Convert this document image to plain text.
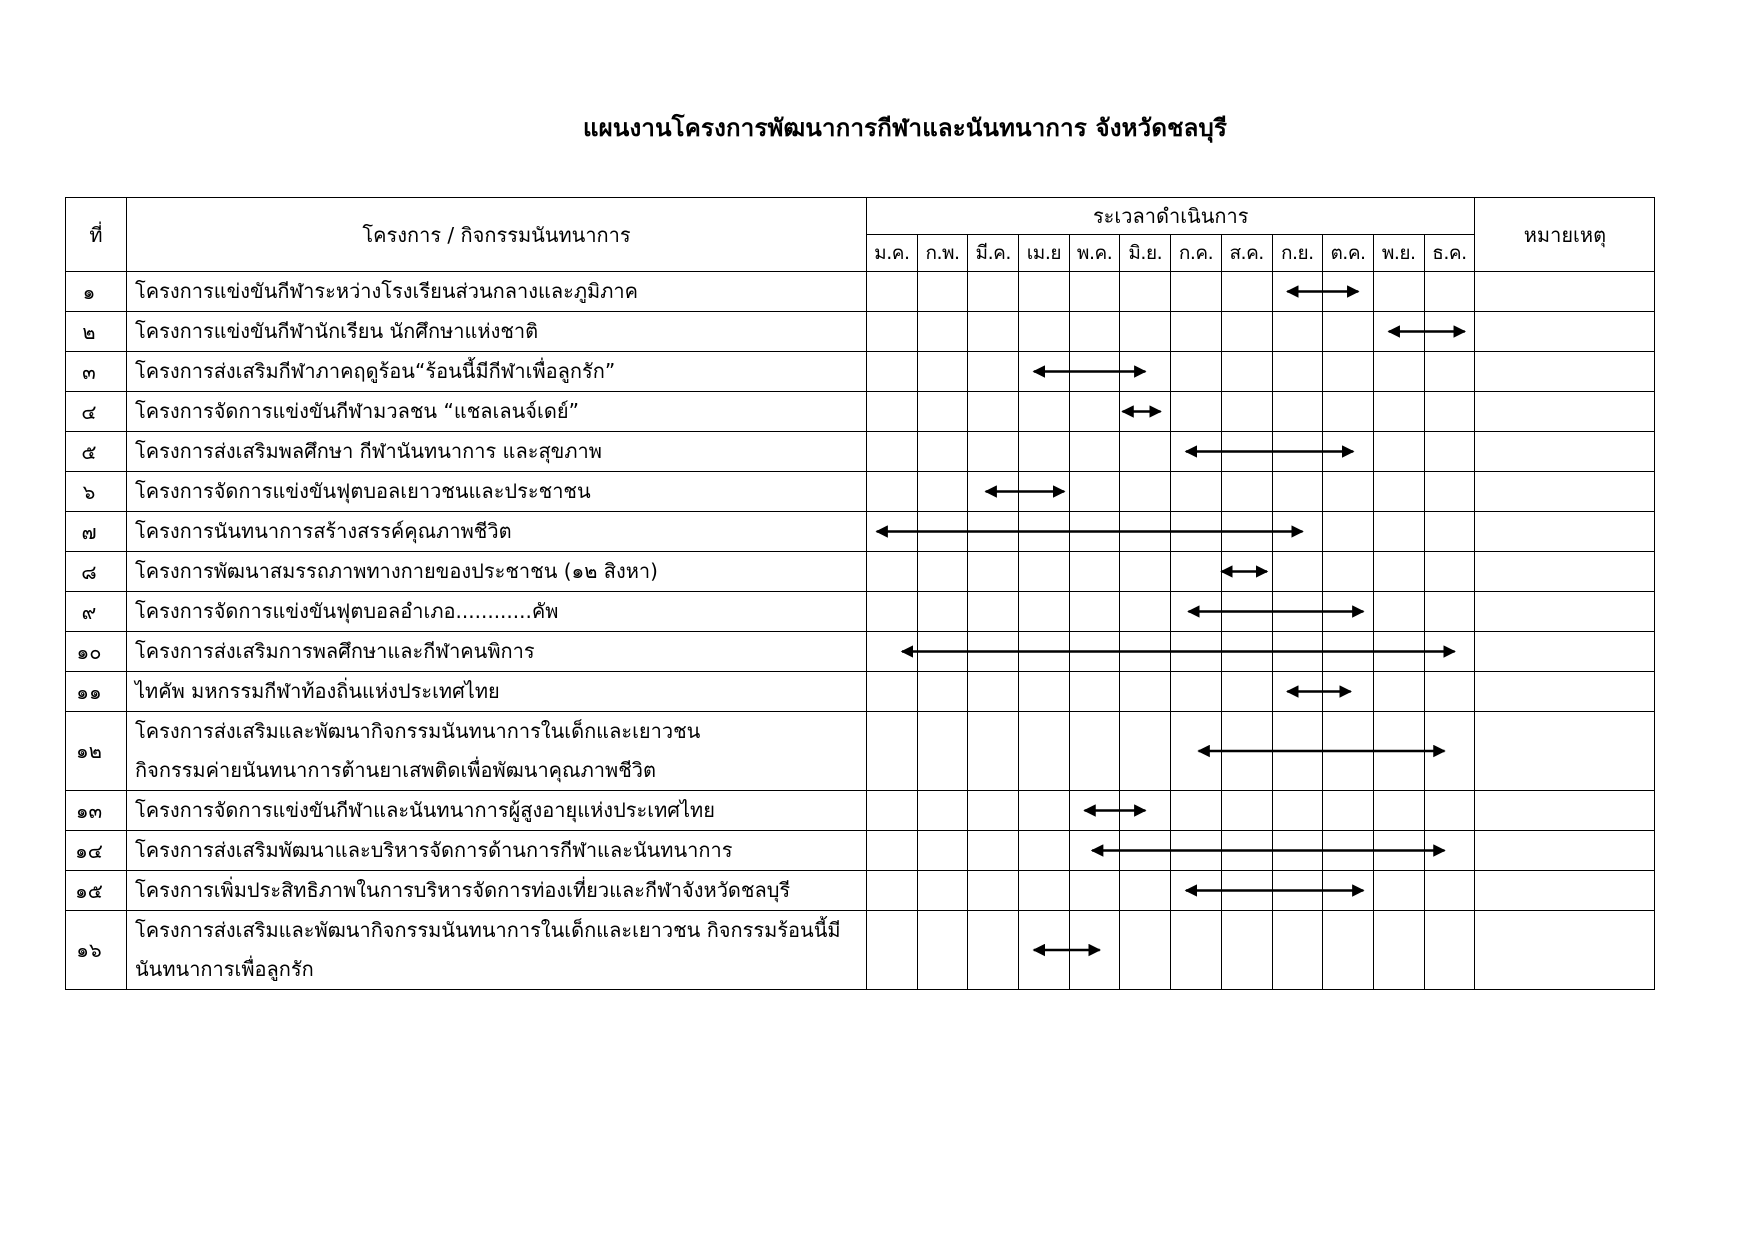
แผนงานโครงการพัฒนาการกีฬาและนันทนาการ จังหวัดชลบุรี
ที่	โครงการ / กิจกรรมนันทนาการ	ระเวลาดำเนินการ												หมายเหตุ
		ม.ค.	ก.พ.	มี.ค.	เม.ย	พ.ค.	มิ.ย.	ก.ค.	ส.ค.	ก.ย.	ต.ค.	พ.ย.	ธ.ค.	
๑	โครงการแข่งขันกีฬาระหว่างโรงเรียนส่วนกลางและภูมิภาค													

๒	โครงการแข่งขันกีฬานักเรียน นักศึกษาแห่งชาติ													

๓	โครงการส่งเสริมกีฬาภาคฤดูร้อน“ร้อนนี้มีกีฬาเพื่อลูกรัก”													

๔	โครงการจัดการแข่งขันกีฬามวลชน “แชลเลนจ์เดย์”													

๕	โครงการส่งเสริมพลศึกษา กีฬานันทนาการ และสุขภาพ													

๖	โครงการจัดการแข่งขันฟุตบอลเยาวชนและประชาชน													

๗	โครงการนันทนาการสร้างสรรค์คุณภาพชีวิต													

๘	โครงการพัฒนาสมรรถภาพทางกายของประชาชน (๑๒ สิงหา)													

๙	โครงการจัดการแข่งขันฟุตบอลอำเภอ............คัพ													

๑๐	โครงการส่งเสริมการพลศึกษาและกีฬาคนพิการ													

๑๑	ไทคัพ มหกรรมกีฬาท้องถิ่นแห่งประเทศไทย													

๑๒	โครงการส่งเสริมและพัฒนากิจกรรมนันทนาการในเด็กและเยาวชน
กิจกรรมค่ายนันทนาการต้านยาเสพติดเพื่อพัฒนาคุณภาพชีวิต													

๑๓	โครงการจัดการแข่งขันกีฬาและนันทนาการผู้สูงอายุแห่งประเทศไทย													

๑๔	โครงการส่งเสริมพัฒนาและบริหารจัดการด้านการกีฬาและนันทนาการ													

๑๕	โครงการเพิ่มประสิทธิภาพในการบริหารจัดการท่องเที่ยวและกีฬาจังหวัดชลบุรี													

๑๖	โครงการส่งเสริมและพัฒนากิจกรรมนันทนาการในเด็กและเยาวชน กิจกรรมร้อนนี้มี
นันทนาการเพื่อลูกรัก													
